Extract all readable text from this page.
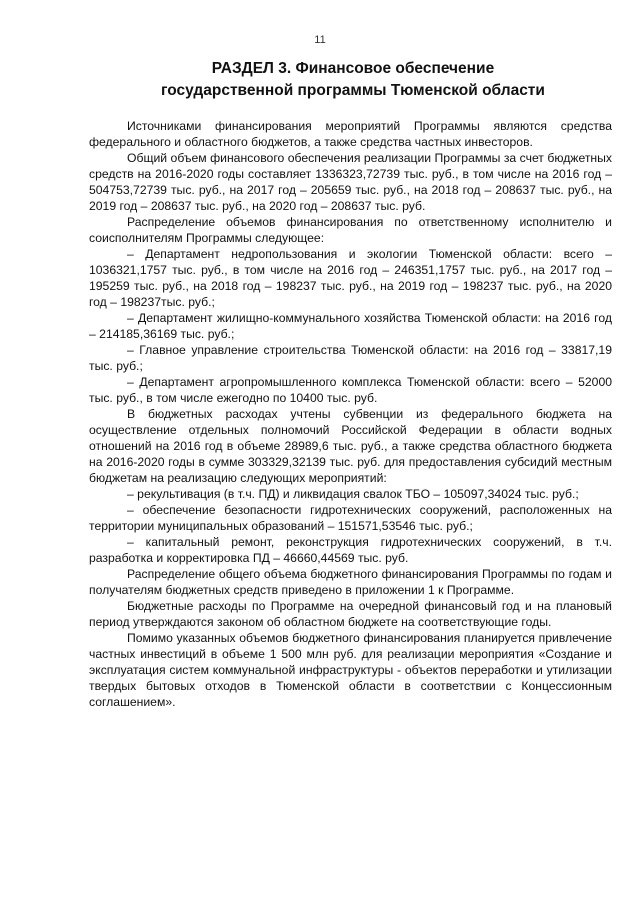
11
РАЗДЕЛ 3. Финансовое обеспечение
государственной программы Тюменской области

Источниками финансирования мероприятий Программы являются средства федерального и областного бюджетов, а также средства частных инвесторов.

Общий объем финансового обеспечения реализации Программы за счет бюджетных средств на 2016-2020 годы составляет 1336323,72739 тыс. руб., в том числе на 2016 год – 504753,72739 тыс. руб., на 2017 год – 205659 тыс. руб., на 2018 год – 208637 тыс. руб., на 2019 год – 208637 тыс. руб., на 2020 год – 208637 тыс. руб.

Распределение объемов финансирования по ответственному исполнителю и соисполнителям Программы следующее:

– Департамент недропользования и экологии Тюменской области: всего – 1036321,1757 тыс. руб., в том числе на 2016 год – 246351,1757 тыс. руб., на 2017 год – 195259 тыс. руб., на 2018 год – 198237 тыс. руб., на 2019 год – 198237 тыс. руб., на 2020 год – 198237тыс. руб.;

– Департамент жилищно-коммунального хозяйства Тюменской области: на 2016 год – 214185,36169 тыс. руб.;

– Главное управление строительства Тюменской области: на 2016 год – 33817,19 тыс. руб.;

– Департамент агропромышленного комплекса Тюменской области: всего – 52000 тыс. руб., в том числе ежегодно по 10400 тыс. руб.

В бюджетных расходах учтены субвенции из федерального бюджета на осуществление отдельных полномочий Российской Федерации в области водных отношений на 2016 год в объеме 28989,6 тыс. руб., а также средства областного бюджета на 2016-2020 годы в сумме 303329,32139 тыс. руб. для предоставления субсидий местным бюджетам на реализацию следующих мероприятий:

– рекультивация (в т.ч. ПД) и ликвидация свалок ТБО – 105097,34024 тыс. руб.;

– обеспечение безопасности гидротехнических сооружений, расположенных на территории муниципальных образований – 151571,53546 тыс. руб.;

– капитальный ремонт, реконструкция гидротехнических сооружений, в т.ч. разработка и корректировка ПД – 46660,44569 тыс. руб.

Распределение общего объема бюджетного финансирования Программы по годам и получателям бюджетных средств приведено в приложении 1 к Программе.

Бюджетные расходы по Программе на очередной финансовый год и на плановый период утверждаются законом об областном бюджете на соответствующие годы.

Помимо указанных объемов бюджетного финансирования планируется привлечение частных инвестиций в объеме 1 500 млн руб. для реализации мероприятия «Создание и эксплуатация систем коммунальной инфраструктуры - объектов переработки и утилизации твердых бытовых отходов в Тюменской области в соответствии с Концессионным соглашением».
